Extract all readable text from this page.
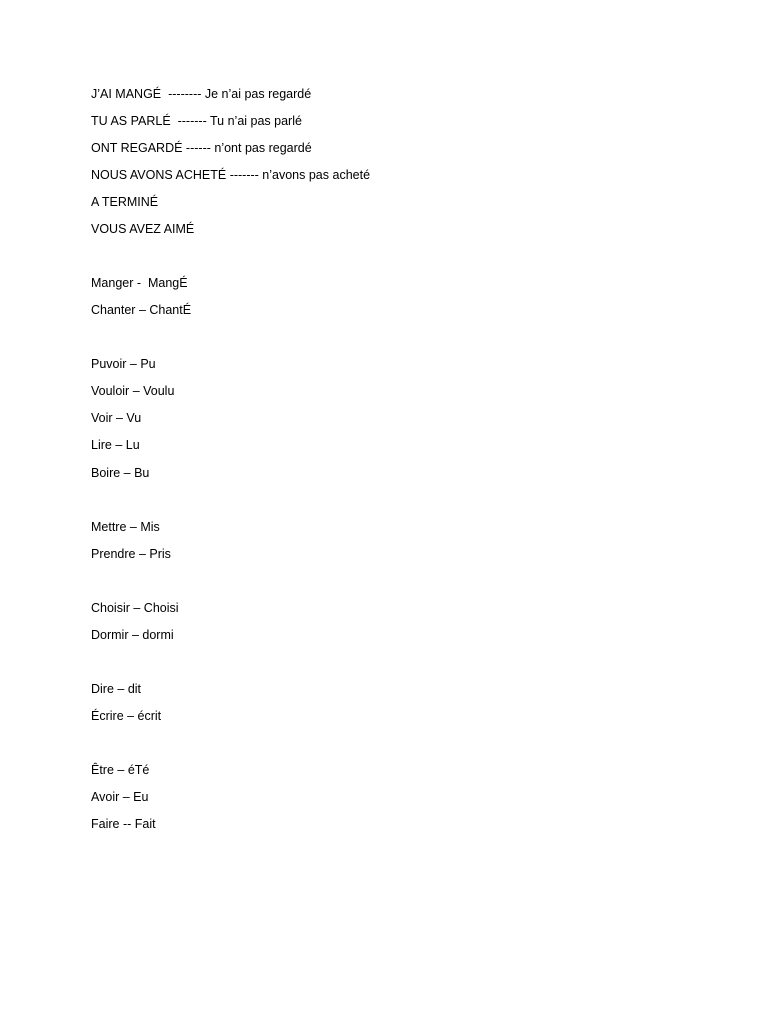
J’AI MANGÉ  -------- Je n’ai pas regardé

TU AS PARLÉ  ------- Tu n’ai pas parlé

ONT REGARDÉ ------ n’ont pas regardé

NOUS AVONS ACHETÉ ------- n’avons pas acheté

A TERMINÉ

VOUS AVEZ AIMÉ

Manger -  MangÉ

Chanter – ChantÉ

Puvoir – Pu

Vouloir – Voulu

Voir – Vu

Lire – Lu

Boire – Bu

Mettre – Mis

Prendre – Pris

Choisir – Choisi

Dormir – dormi

Dire – dit

Écrire – écrit

Être – éTé

Avoir – Eu

Faire -- Fait
